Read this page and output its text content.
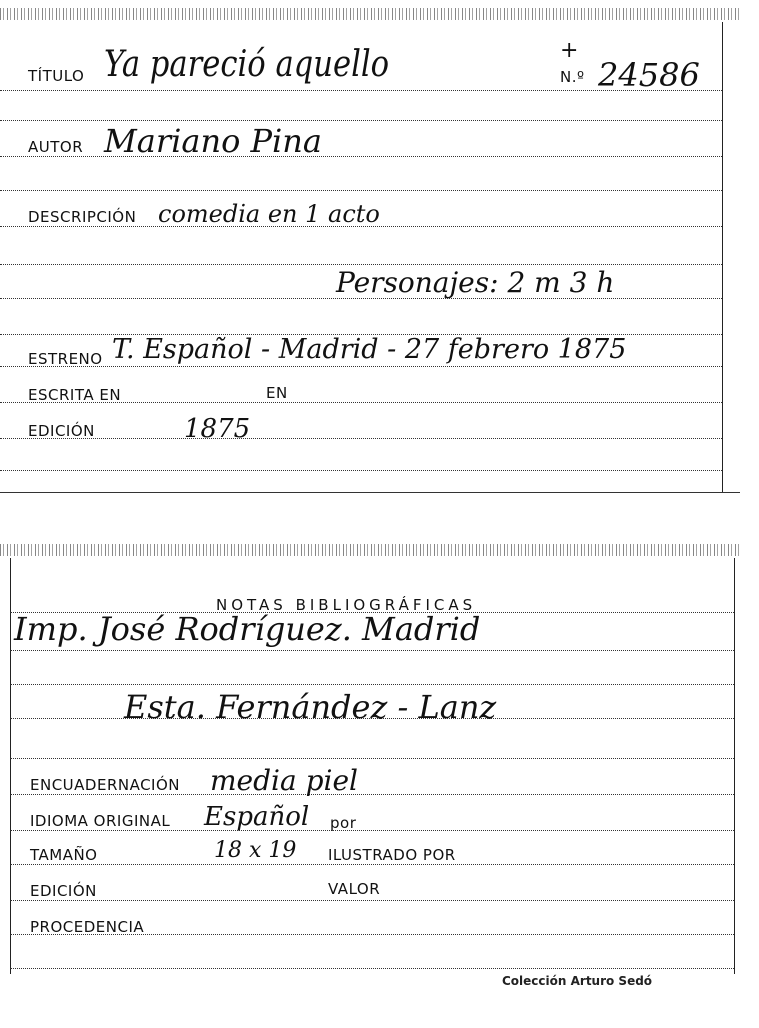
TÍTULO Ya pareció aquello	+
N.º 24586
AUTOR Mariano Pina
DESCRIPCIÓN comedia en 1 acto
Personajes: 2 m 3 h
ESTRENO T. Español - Madrid - 27 febrero 1875
ESCRITA EN	EN
EDICIÓN	1875
NOTAS BIBLIOGRÁFICAS
Imp. José Rodríguez. Madrid
Esta. Fernández - Lanz
ENCUADERNACIÓN media piel
IDIOMA ORIGINAL Español por
TAMAÑO	18 x 19 ILUSTRADO POR
EDICIÓN	VALOR
PROCEDENCIA
Colección Arturo Sedó
